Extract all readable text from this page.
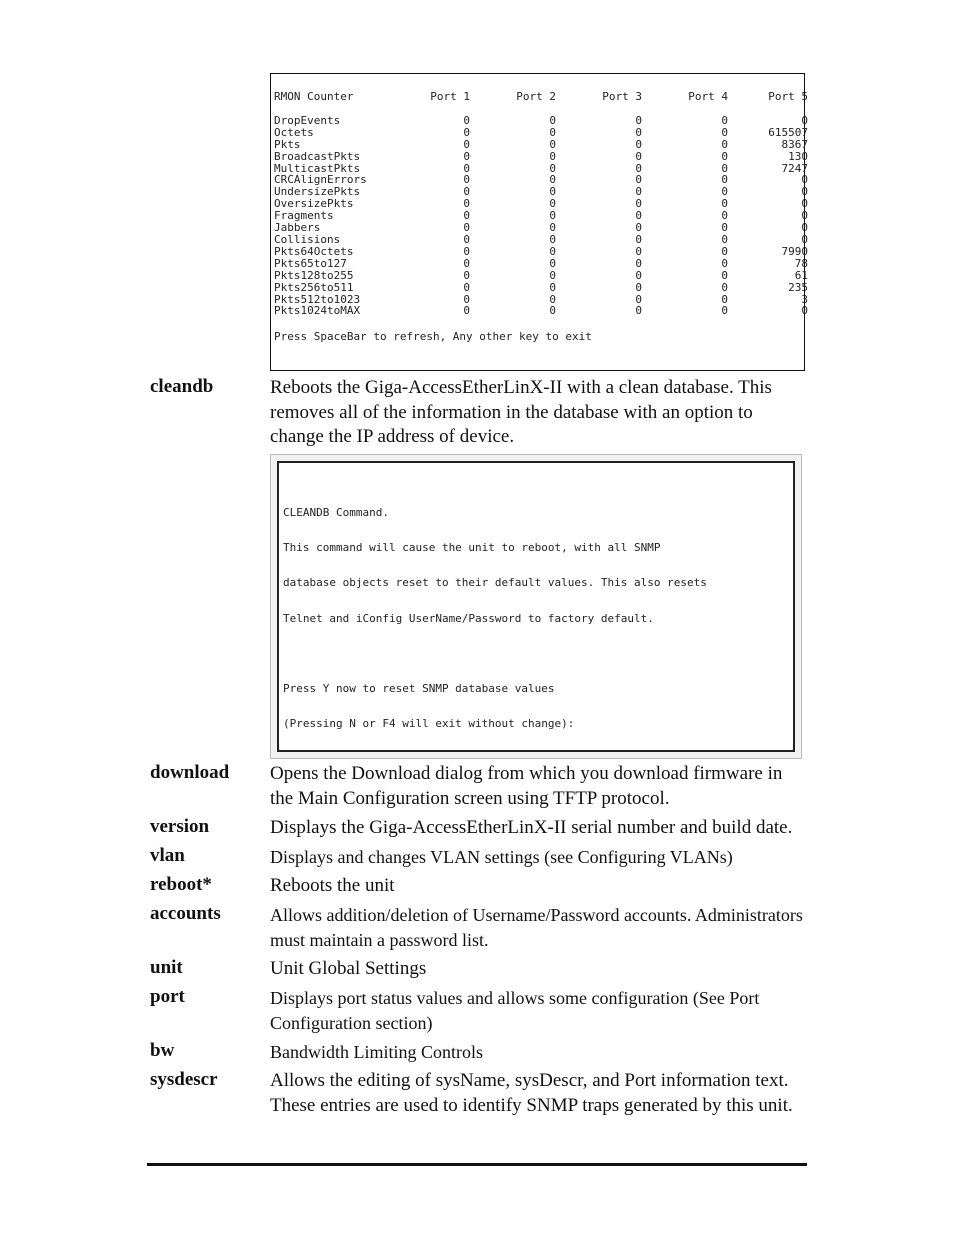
RMON Counter	Port 1	Port 2	Port 3	Port 4	Port 5
DropEvents	0	0	0	0	0
Octets	0	0	0	0	615507
Pkts	0	0	0	0	8367
BroadcastPkts	0	0	0	0	130
MulticastPkts	0	0	0	0	7247
CRCAlignErrors	0	0	0	0	0
UndersizePkts	0	0	0	0	0
OversizePkts	0	0	0	0	0
Fragments	0	0	0	0	0
Jabbers	0	0	0	0	0
Collisions	0	0	0	0	0
Pkts64Octets	0	0	0	0	7990
Pkts65to127	0	0	0	0	78
Pkts128to255	0	0	0	0	61
Pkts256to511	0	0	0	0	235
Pkts512to1023	0	0	0	0	3
Pkts1024toMAX	0	0	0	0	0
Press SpaceBar to refresh, Any other key to exit
cleandb	Reboots the Giga-AccessEtherLinX-II with a clean database. This removes all of the information in the database with an option to change the IP address of device.

CLEANDB Command.

This command will cause the unit to reboot, with all SNMP

database objects reset to their default values. This also resets

Telnet and iConfig UserName/Password to factory default.

Press Y now to reset SNMP database values

(Pressing N or F4 will exit without change):

download Opens the Download dialog from which you download firmware in the Main Configuration screen using TFTP protocol.
version	Displays the Giga-AccessEtherLinX-II serial number and build date.
vlan	Displays and changes VLAN settings (see Configuring VLANs)
reboot*	Reboots the unit
accounts	Allows addition/deletion of Username/Password accounts. Administrators must maintain a password list.
unit	Unit Global Settings
port	Displays port status values and allows some configuration (See Port Configuration section)
bw	Bandwidth Limiting Controls
sysdescr	Allows the editing of sysName, sysDescr, and Port information text. These entries are used to identify SNMP traps generated by this unit.
